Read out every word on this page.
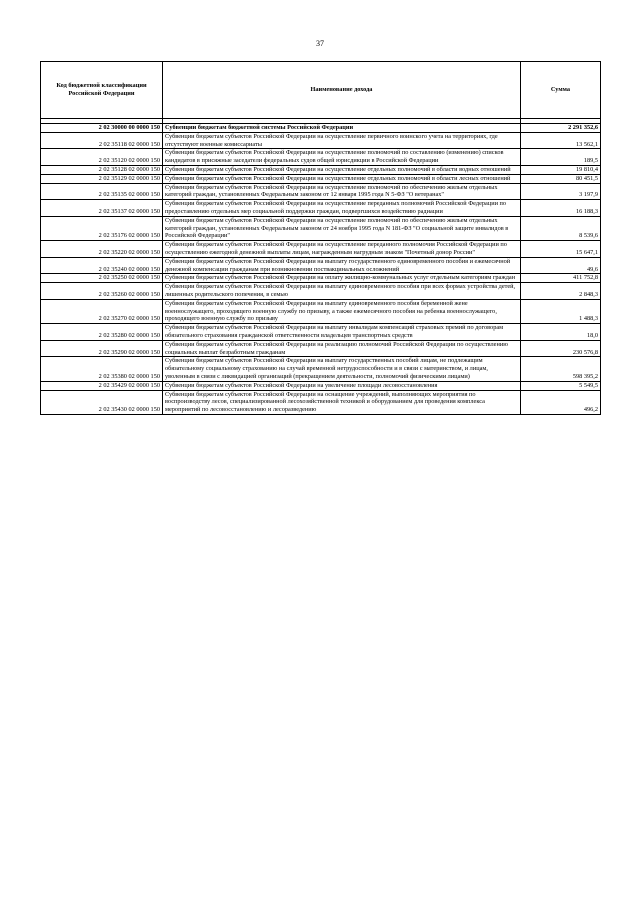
37
Код бюджетной классификации Российской Федерации	Наименование дохода	Сумма

2 02 30000 00 0000 150	Субвенции бюджетам бюджетной системы Российской Федерации	2 291 352,6
2 02 35118 02 0000 150	Субвенции бюджетам субъектов Российской Федерации на осуществление первичного воинского учета на территориях, где отсутствуют военные комиссариаты	13 562,1
2 02 35120 02 0000 150	Субвенции бюджетам субъектов Российской Федерации на осуществление полномочий по составлению (изменению) списков кандидатов в присяжные заседатели федеральных судов общей юрисдикции в Российской Федерации	189,5
2 02 35128 02 0000 150	Субвенции бюджетам субъектов Российской Федерации на осуществление отдельных полномочий в области водных отношений	19 810,4
2 02 35129 02 0000 150	Субвенции бюджетам субъектов Российской Федерации на осуществление отдельных полномочий в области лесных отношений	80 451,5
2 02 35135 02 0000 150	Субвенции бюджетам субъектов Российской Федерации на осуществление полномочий по обеспечению жильем отдельных категорий граждан, установленных Федеральным законом от 12 января 1995 года N 5-ФЗ "О ветеранах"	3 197,9
2 02 35137 02 0000 150	Субвенции бюджетам субъектов Российской Федерации на осуществление переданных полномочий Российской Федерации по предоставлению отдельных мер социальной поддержки граждан, подвергшихся воздействию радиации	16 188,3
2 02 35176 02 0000 150	Субвенции бюджетам субъектов Российской Федерации на осуществление полномочий по обеспечению жильем отдельных категорий граждан, установленных Федеральным законом от 24 ноября 1995 года N 181-ФЗ "О социальной защите инвалидов в Российской Федерации"	8 539,6
2 02 35220 02 0000 150	Субвенции бюджетам субъектов Российской Федерации на осуществление переданного полномочия Российской Федерации по осуществлению ежегодной денежной выплаты лицам, награжденным нагрудным знаком "Почетный донор России"	15 647,1
2 02 35240 02 0000 150	Субвенции бюджетам субъектов Российской Федерации на выплату государственного единовременного пособия и ежемесячной денежной компенсации гражданам при возникновении поствакцинальных осложнений	49,6
2 02 35250 02 0000 150	Субвенции бюджетам субъектов Российской Федерации на оплату жилищно-коммунальных услуг отдельным категориям граждан	411 752,8
2 02 35260 02 0000 150	Субвенции бюджетам субъектов Российской Федерации на выплату единовременного пособия при всех формах устройства детей, лишенных родительского попечения, в семью	2 848,3
2 02 35270 02 0000 150	Субвенции бюджетам субъектов Российской Федерации на выплату единовременного пособия беременной жене военнослужащего, проходящего военную службу по призыву, а также ежемесячного пособия на ребенка военнослужащего, проходящего военную службу по призыву	1 488,3
2 02 35280 02 0000 150	Субвенции бюджетам субъектов Российской Федерации на выплату инвалидам компенсаций страховых премий по договорам обязательного страхования гражданской ответственности владельцев транспортных средств	18,0
2 02 35290 02 0000 150	Субвенции бюджетам субъектов Российской Федерации на реализацию полномочий Российской Федерации по осуществлению социальных выплат безработным гражданам	230 576,8
2 02 35380 02 0000 150	Субвенции бюджетам субъектов Российской Федерации на выплату государственных пособий лицам, не подлежащим обязательному социальному страхованию на случай временной нетрудоспособности и в связи с материнством, и лицам, уволенным в связи с ликвидацией организаций (прекращением деятельности, полномочий физическими лицами)	598 395,2
2 02 35429 02 0000 150	Субвенции бюджетам субъектов Российской Федерации на увеличение площади лесовосстановления	5 549,5
2 02 35430 02 0000 150	Субвенции бюджетам субъектов Российской Федерации на оснащение учреждений, выполняющих мероприятия по воспроизводству лесов, специализированной лесохозяйственной техникой и оборудованием для проведения комплекса мероприятий по лесовосстановлению и лесоразведению	496,2
